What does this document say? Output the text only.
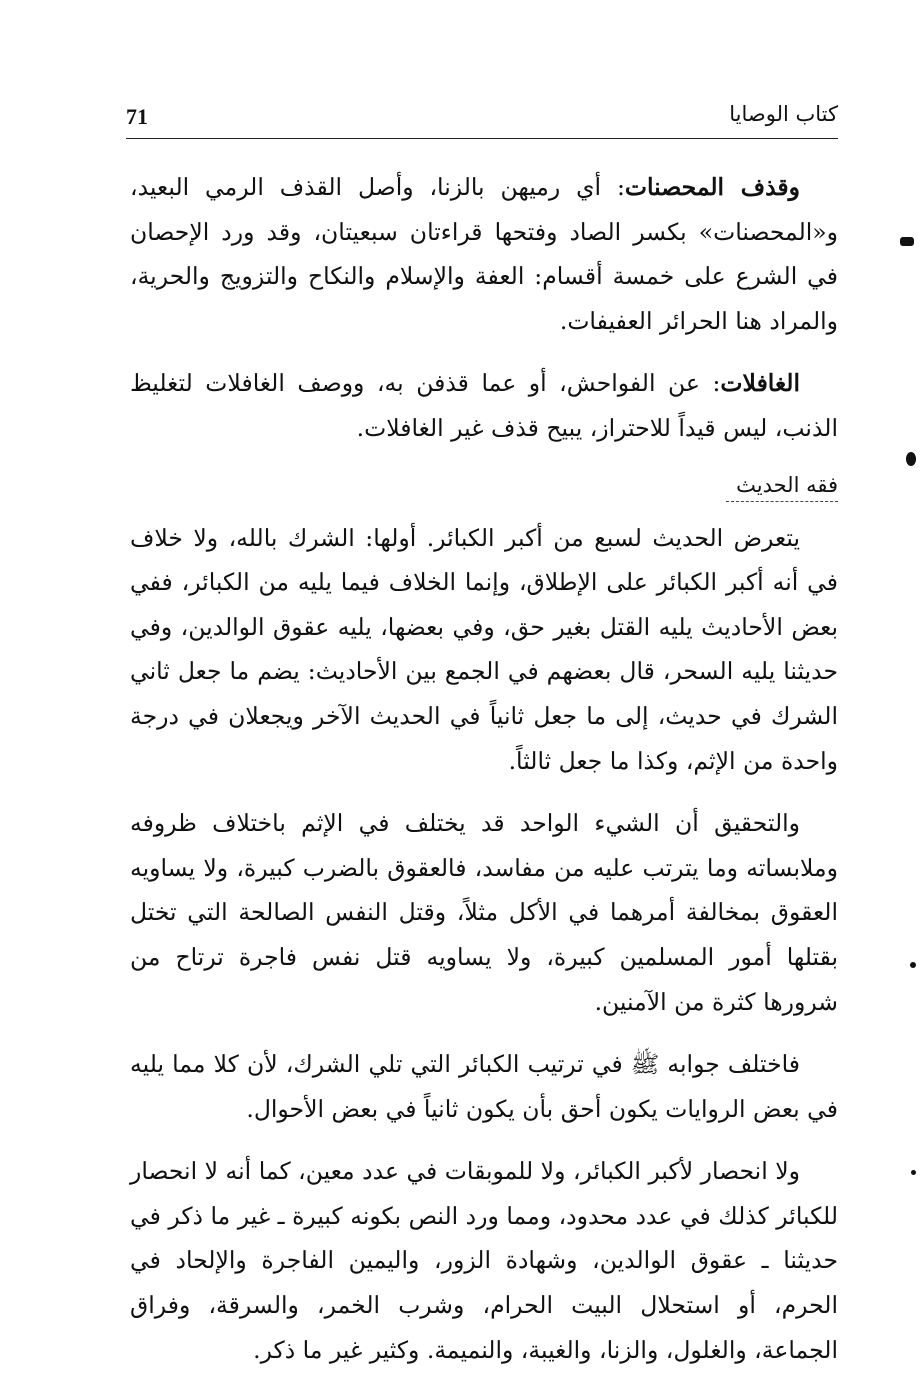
71	كتاب الوصايا

وقذف المحصنات: أي رميهن بالزنا، وأصل القذف الرمي البعيد، و«المحصنات» بكسر الصاد وفتحها قراءتان سبعيتان، وقد ورد الإحصان في الشرع على خمسة أقسام: العفة والإسلام والنكاح والتزويج والحرية، والمراد هنا الحرائر العفيفات.

الغافلات: عن الفواحش، أو عما قذفن به، ووصف الغافلات لتغليظ الذنب، ليس قيداً للاحتراز، يبيح قذف غير الغافلات.

فقه الحديث

يتعرض الحديث لسبع من أكبر الكبائر. أولها: الشرك بالله، ولا خلاف في أنه أكبر الكبائر على الإطلاق، وإنما الخلاف فيما يليه من الكبائر، ففي بعض الأحاديث يليه القتل بغير حق، وفي بعضها، يليه عقوق الوالدين، وفي حديثنا يليه السحر، قال بعضهم في الجمع بين الأحاديث: يضم ما جعل ثاني الشرك في حديث، إلى ما جعل ثانياً في الحديث الآخر ويجعلان في درجة واحدة من الإثم، وكذا ما جعل ثالثاً.

والتحقيق أن الشيء الواحد قد يختلف في الإثم باختلاف ظروفه وملابساته وما يترتب عليه من مفاسد، فالعقوق بالضرب كبيرة، ولا يساويه العقوق بمخالفة أمرهما في الأكل مثلاً، وقتل النفس الصالحة التي تختل بقتلها أمور المسلمين كبيرة، ولا يساويه قتل نفس فاجرة ترتاح من شرورها كثرة من الآمنين.

فاختلف جوابه ﷺ في ترتيب الكبائر التي تلي الشرك، لأن كلا مما يليه في بعض الروايات يكون أحق بأن يكون ثانياً في بعض الأحوال.

ولا انحصار لأكبر الكبائر، ولا للموبقات في عدد معين، كما أنه لا انحصار للكبائر كذلك في عدد محدود، ومما ورد النص بكونه كبيرة ـ غير ما ذكر في حديثنا ـ عقوق الوالدين، وشهادة الزور، واليمين الفاجرة والإلحاد في الحرم، أو استحلال البيت الحرام، وشرب الخمر، والسرقة، وفراق الجماعة، والغلول، والزنا، والغيبة، والنميمة. وكثير غير ما ذكر.
